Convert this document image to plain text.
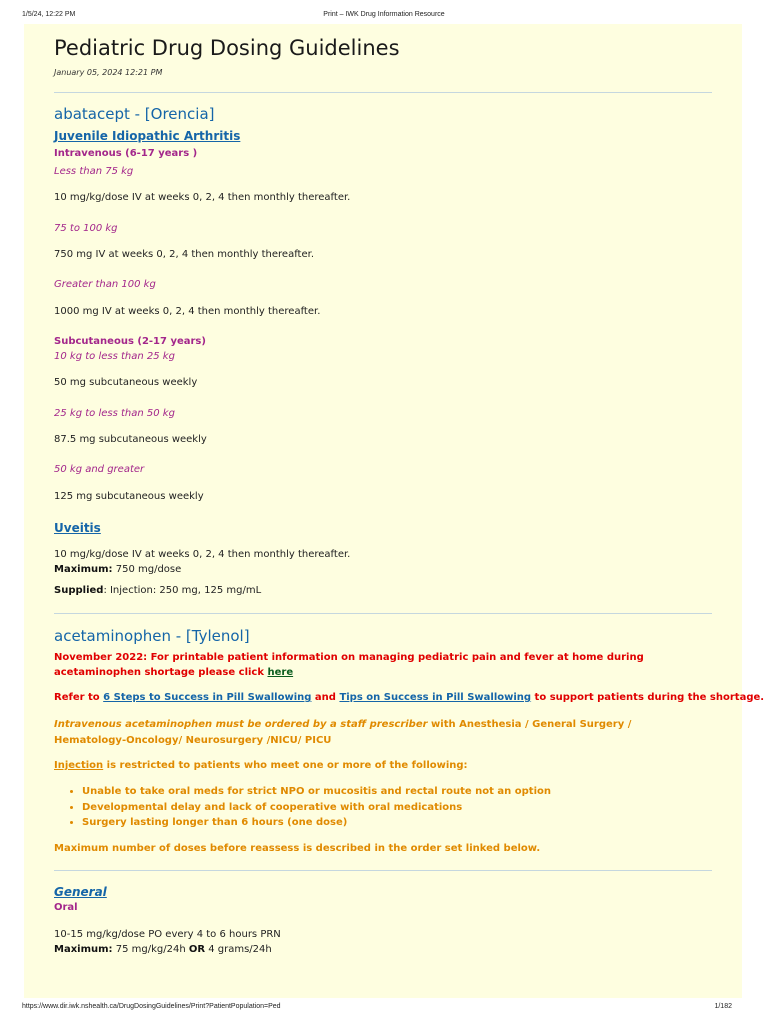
1/5/24, 12:22 PM	Print – IWK Drug Information Resource
Pediatric Drug Dosing Guidelines
January 05, 2024 12:21 PM
abatacept - [Orencia]
Juvenile Idiopathic Arthritis
Intravenous (6-17 years )
Less than 75 kg
10 mg/kg/dose IV at weeks 0, 2, 4 then monthly thereafter.
75 to 100 kg
750 mg IV at weeks 0, 2, 4 then monthly thereafter.
Greater than 100 kg
1000 mg IV at weeks 0, 2, 4 then monthly thereafter.
Subcutaneous (2-17 years)
10 kg to less than 25 kg
50 mg subcutaneous weekly
25 kg to less than 50 kg
87.5 mg subcutaneous weekly
50 kg and greater
125 mg subcutaneous weekly
Uveitis
10 mg/kg/dose IV at weeks 0, 2, 4 then monthly thereafter.
Maximum: 750 mg/dose
Supplied: Injection: 250 mg, 125 mg/mL
acetaminophen - [Tylenol]
November 2022: For printable patient information on managing pediatric pain and fever at home during acetaminophen shortage please click here
Refer to 6 Steps to Success in Pill Swallowing and Tips on Success in Pill Swallowing to support patients during the shortage.
Intravenous acetaminophen must be ordered by a staff prescriber with Anesthesia / General Surgery / Hematology-Oncology/ Neurosurgery /NICU/ PICU
Injection is restricted to patients who meet one or more of the following:
• Unable to take oral meds for strict NPO or mucositis and rectal route not an option
• Developmental delay and lack of cooperative with oral medications
• Surgery lasting longer than 6 hours (one dose)
Maximum number of doses before reassess is described in the order set linked below.
General
Oral
10-15 mg/kg/dose PO every 4 to 6 hours PRN
Maximum: 75 mg/kg/24h OR 4 grams/24h
https://www.dir.iwk.nshealth.ca/DrugDosingGuidelines/Print?PatientPopulation=Ped	1/182
